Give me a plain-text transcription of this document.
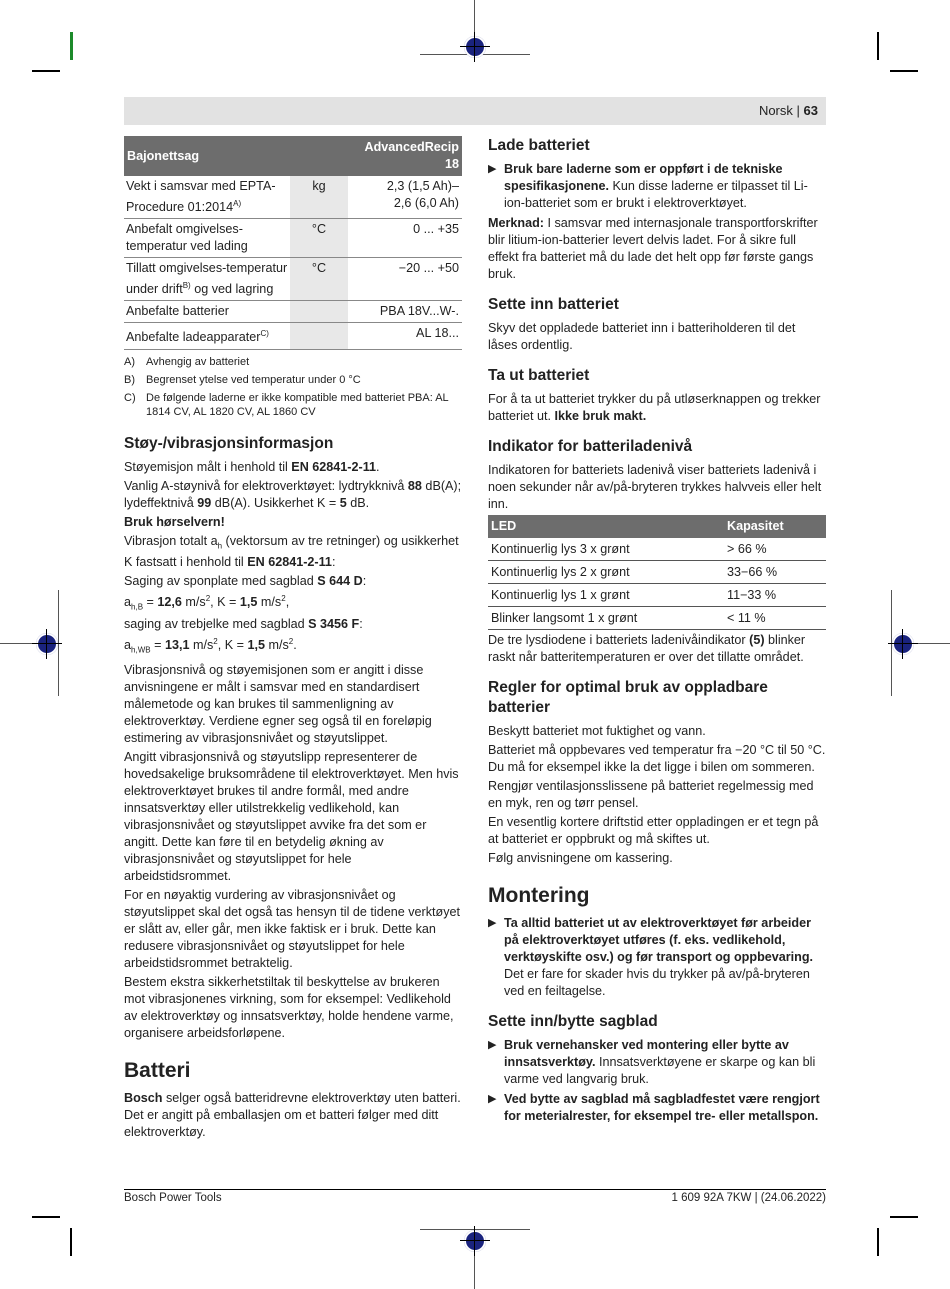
Norsk | 63
Bajonettsag		AdvancedRecip 18
Vekt i samsvar med EPTA-Procedure $01:2014^{A)}$	kg	2,3 (1,5 Ah)–2,6 (6,0 Ah)
Anbefalt omgivelses-temperatur ved lading	°C	0 ... +35
Tillatt omgivelses-temperatur under drift$^{B)}$ og ved lagring	°C	−20 ... +50
Anbefalte batterier		PBA 18V...W-.
Anbefalte ladeapparater$^{C)}$		AL 18...
A)	Avhengig av batteriet
B)	Begrenset ytelse ved temperatur under 0 °C
C) De følgende laderne er ikke kompatible med batteriet PBA: AL 1814 CV, AL 1820 CV, AL 1860 CV
Støy-/vibrasjonsinformasjon

Støyemisjon målt i henhold til EN 62841-2-11.

Vanlig A-støynivå for elektroverktøyet: lydtrykknivå 88 dB(A); lydeffektnivå 99 dB(A). Usikkerhet K = 5 dB.

Bruk hørselvern!

Vibrasjon totalt $a_h$ (vektorsum av tre retninger) og usikkerhet K fastsatt i henhold til EN 62841-2-11:

Saging av sponplate med sagblad S 644 D:
$a_{h,B} = 12,6$ $m/s^2$, K = 1,5 $m/s^2$,
saging av trebjelke med sagblad S 3456 F:
$a_{h,WB} = 13,1$ $m/s^2$, K = 1,5 $m/s^2$.

Vibrasjonsnivå og støyemisjonen som er angitt i disse anvisningene er målt i samsvar med en standardisert målemetode og kan brukes til sammenligning av elektroverktøy. Verdiene egner seg også til en foreløpig estimering av vibrasjonsnivået og støyutslippet.

Angitt vibrasjonsnivå og støyutslipp representerer de hovedsakelige bruksområdene til elektroverktøyet. Men hvis elektroverktøyet brukes til andre formål, med andre innsatsverktøy eller utilstrekkelig vedlikehold, kan vibrasjonsnivået og støyutslippet avvike fra det som er angitt. Dette kan føre til en betydelig økning av vibrasjonsnivået og støyutslippet for hele arbeidstidsrommet.

For en nøyaktig vurdering av vibrasjonsnivået og støyutslippet skal det også tas hensyn til de tidene verktøyet er slått av, eller går, men ikke faktisk er i bruk. Dette kan redusere vibrasjonsnivået og støyutslippet for hele arbeidstidsrommet betraktelig.

Bestem ekstra sikkerhetstiltak til beskyttelse av brukeren mot vibrasjonenes virkning, som for eksempel: Vedlikehold av elektroverktøy og innsatsverktøy, holde hendene varme, organisere arbeidsforløpene.

Batteri

Bosch selger også batteridrevne elektroverktøy uten batteri. Det er angitt på emballasjen om et batteri følger med ditt elektroverktøy.

Lade batteriet
▶ Bruk bare laderne som er oppført i de tekniske spesifikasjonene. Kun disse laderne er tilpasset til Li-ion-batteriet som er brukt i elektroverktøyet.

Merknad: I samsvar med internasjonale transportforskrifter blir litium-ion-batterier levert delvis ladet. For å sikre full effekt fra batteriet må du lade det helt opp før første gangs bruk.

Sette inn batteriet

Skyv det oppladede batteriet inn i batteriholderen til det låses ordentlig.

Ta ut batteriet

For å ta ut batteriet trykker du på utløserknappen og trekker batteriet ut. Ikke bruk makt.

Indikator for batteriladenivå

Indikatoren for batteriets ladenivå viser batteriets ladenivå i noen sekunder når av/på-bryteren trykkes halvveis eller helt inn.

LED	Kapasitet
Kontinuerlig lys 3 x grønt	> 66 %
Kontinuerlig lys 2 x grønt	33−66 %
Kontinuerlig lys 1 x grønt	11−33 %
Blinker langsomt 1 x grønt	< 11 %

De tre lysdiodene i batteriets ladenivåindikator (5) blinker raskt når batteritemperaturen er over det tillatte området.

Regler for optimal bruk av oppladbare batterier

Beskytt batteriet mot fuktighet og vann.

Batteriet må oppbevares ved temperatur fra −20 °C til 50 °C. Du må for eksempel ikke la det ligge i bilen om sommeren.

Rengjør ventilasjonsslissene på batteriet regelmessig med en myk, ren og tørr pensel.

En vesentlig kortere driftstid etter oppladingen er et tegn på at batteriet er oppbrukt og må skiftes ut.

Følg anvisningene om kassering.

Montering
▶ Ta alltid batteriet ut av elektroverktøyet før arbeider på elektroverktøyet utføres (f. eks. vedlikehold, verktøyskifte osv.) og før transport og oppbevaring. Det er fare for skader hvis du trykker på av/på-bryteren ved en feiltagelse.
Sette inn/bytte sagblad
▶ Bruk vernehansker ved montering eller bytte av innsatsverktøy. Innsatsverktøyene er skarpe og kan bli varme ved langvarig bruk.
▶ Ved bytte av sagblad må sagbladfestet være rengjort for meterialrester, for eksempel tre- eller metallspon.
Bosch Power Tools	1 609 92A 7KW | (24.06.2022)
